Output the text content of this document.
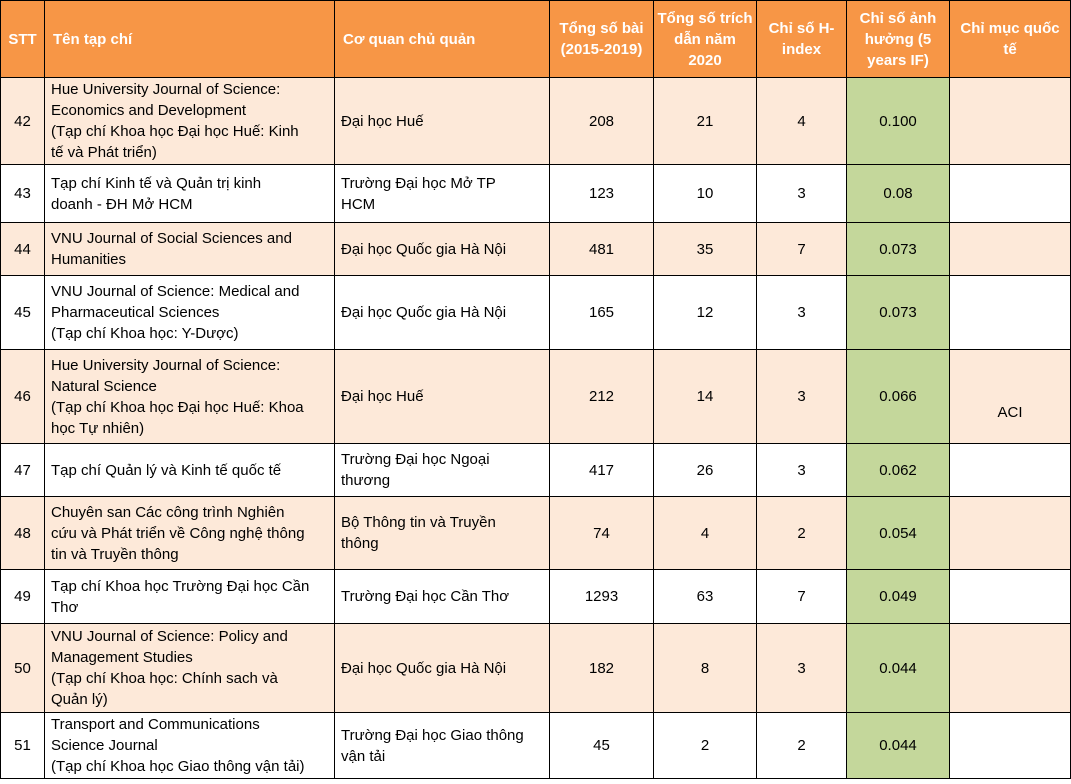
STT	Tên tạp chí	Cơ quan chủ quản	Tổng số bài (2015-2019)	Tổng số trích dẫn năm 2020	Chỉ số H-index	Chỉ số ảnh hưởng (5 years IF)	Chỉ mục quốc tế
42	Hue University Journal of Science:
Economics and Development
(Tạp chí Khoa học Đại học Huế: Kinh
tế và Phát triển)	Đại học Huế	208	21	4	0.100	
43	Tạp chí Kinh tế và Quản trị kinh
doanh - ĐH Mở HCM	Trường Đại học Mở TP
HCM	123	10	3	0.08	
44	VNU Journal of Social Sciences and
Humanities	Đại học Quốc gia Hà Nội	481	35	7	0.073	
45	VNU Journal of Science: Medical and
Pharmaceutical Sciences
(Tạp chí Khoa học: Y-Dược)	Đại học Quốc gia Hà Nội	165	12	3	0.073	
46	Hue University Journal of Science:
Natural Science
(Tạp chí Khoa học Đại học Huế: Khoa
học Tự nhiên)	Đại học Huế	212	14	3	0.066	ACI
47	Tạp chí Quản lý và Kinh tế quốc tế	Trường Đại học Ngoại
thương	417	26	3	0.062	
48	Chuyên san Các công trình Nghiên
cứu và Phát triển về Công nghệ thông
tin và Truyền thông	Bộ Thông tin và Truyền
thông	74	4	2	0.054	
49	Tạp chí Khoa học Trường Đại học Cần
Thơ	Trường Đại học Cần Thơ	1293	63	7	0.049	
50	VNU Journal of Science: Policy and
Management Studies
(Tạp chí Khoa học: Chính sach và
Quản lý)	Đại học Quốc gia Hà Nội	182	8	3	0.044	
51	Transport and Communications
Science Journal
(Tạp chí Khoa học Giao thông vận tải)	Trường Đại học Giao thông
vận tải	45	2	2	0.044	
